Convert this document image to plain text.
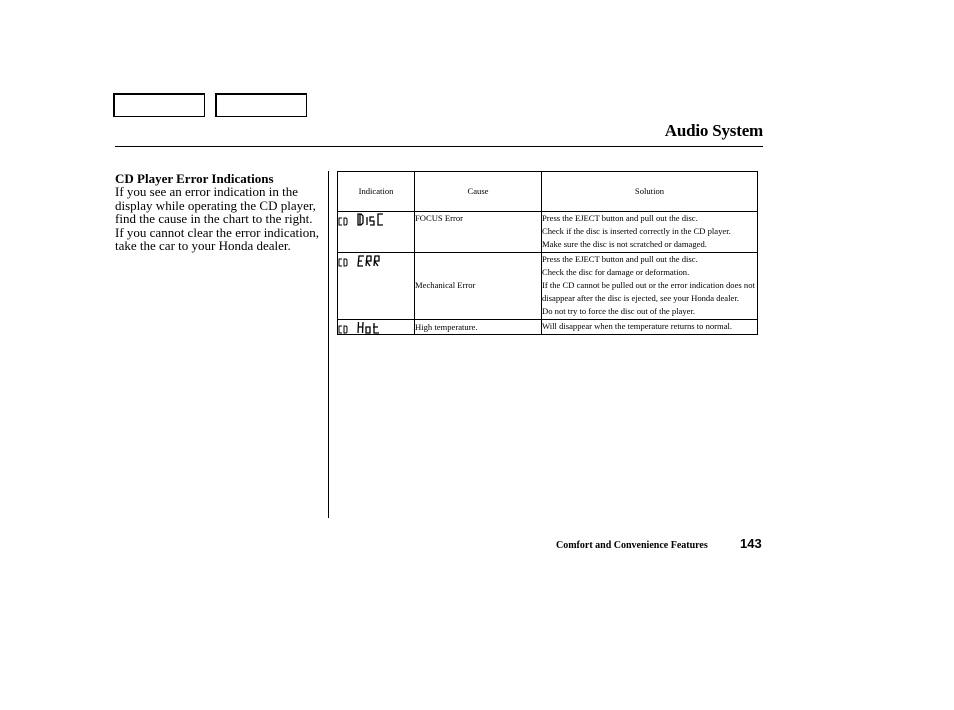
Audio System
CD Player Error Indications
If you see an error indication in the display while operating the CD player, find the cause in the chart to the right. If you cannot clear the error indication, take the car to your Honda dealer.
Indication	Cause	Solution

	FOCUS Error	Press the EJECT button and pull out the disc.
Check if the disc is inserted correctly in the CD player.
Make sure the disc is not scratched or damaged.

	Mechanical Error	Press the EJECT button and pull out the disc.
Check the disc for damage or deformation.
If the CD cannot be pulled out or the error indication does not disappear after the disc is ejected, see your Honda dealer.
Do not try to force the disc out of the player.

	High temperature.	Will disappear when the temperature returns to normal.
Comfort and Convenience Features 143
